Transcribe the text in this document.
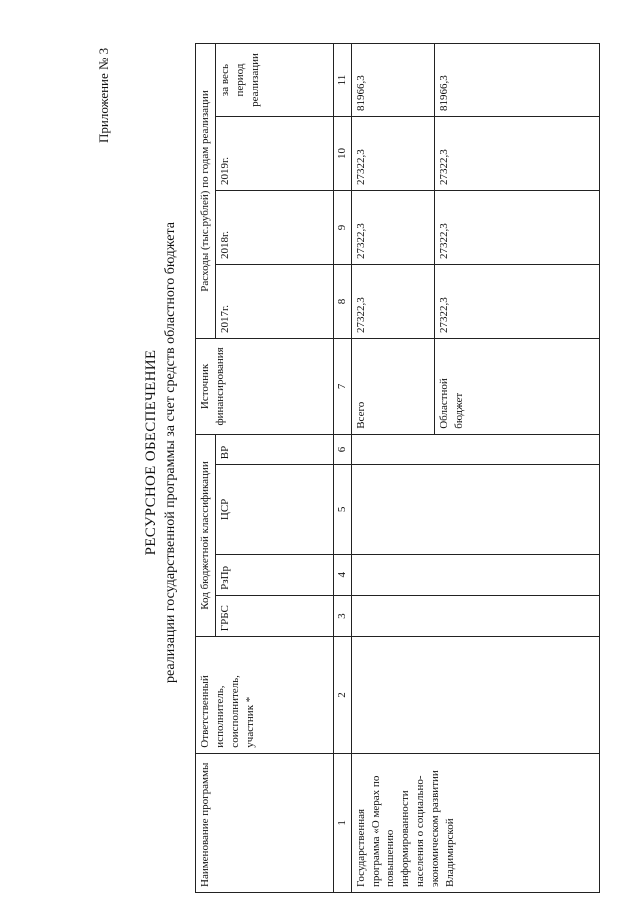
Приложение № 3
РЕСУРСНОЕ ОБЕСПЕЧЕНИЕ реализации государственной программы за счет средств областного бюджета
Наименование программы	Ответственный исполнитель, соисполнитель, участник *	Код бюджетной классификации				Источник финансирования	Расходы (тыс.рублей) по годам реализации			
		ГРБС	РзПр	ЦСР	ВР		2017г.	2018г.	2019г.	за весь период реализации
1	2	3	4	5	6	7	8	9	10	11
Государственная программа «О мерах по повышению информированности населения о социально-экономическом развитии Владимирской						Всего	27322,3	27322,3	27322,3	81966,3
						Областной бюджет	27322,3	27322,3	27322,3	81966,3
